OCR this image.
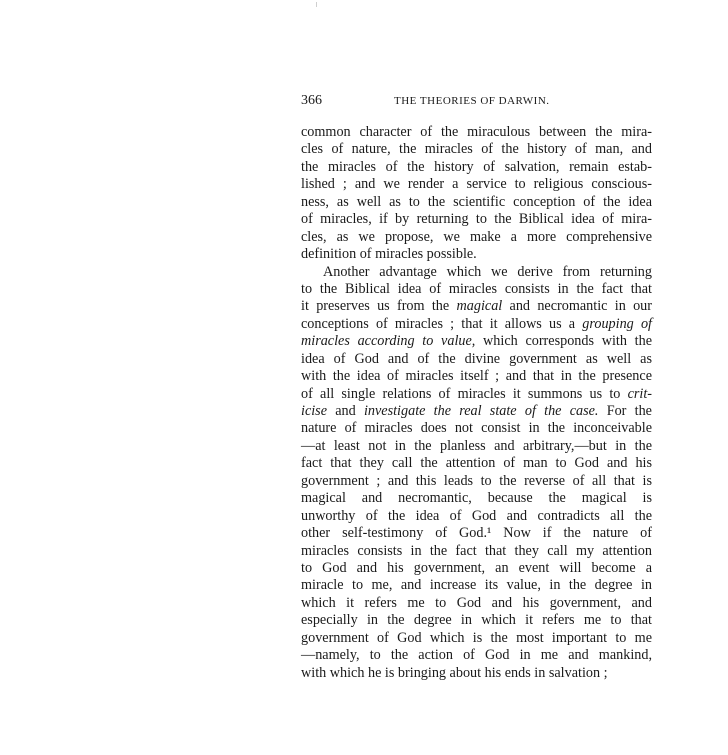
366	THE THEORIES OF DARWIN.
common character of the miraculous between the mira-
cles of nature, the miracles of the history of man, and
the miracles of the history of salvation, remain estab-
lished ; and we render a service to religious conscious-
ness, as well as to the scientific conception of the idea
of miracles, if by returning to the Biblical idea of mira-
cles, as we propose, we make a more comprehensive
definition of miracles possible.
Another advantage which we derive from returning
to the Biblical idea of miracles consists in the fact that
it preserves us from the magical and necromantic in our
conceptions of miracles ; that it allows us a grouping of
miracles according to value, which corresponds with the
idea of God and of the divine government as well as
with the idea of miracles itself ; and that in the presence
of all single relations of miracles it summons us to crit-
icise and investigate the real state of the case. For the
nature of miracles does not consist in the inconceivable
—at least not in the planless and arbitrary,—but in the
fact that they call the attention of man to God and his
government ; and this leads to the reverse of all that is
magical and necromantic, because the magical is
unworthy of the idea of God and contradicts all the
other self-testimony of God.¹ Now if the nature of
miracles consists in the fact that they call my attention
to God and his government, an event will become a
miracle to me, and increase its value, in the degree in
which it refers me to God and his government, and
especially in the degree in which it refers me to that
government of God which is the most important to me
—namely, to the action of God in me and mankind,
with which he is bringing about his ends in salvation ;
